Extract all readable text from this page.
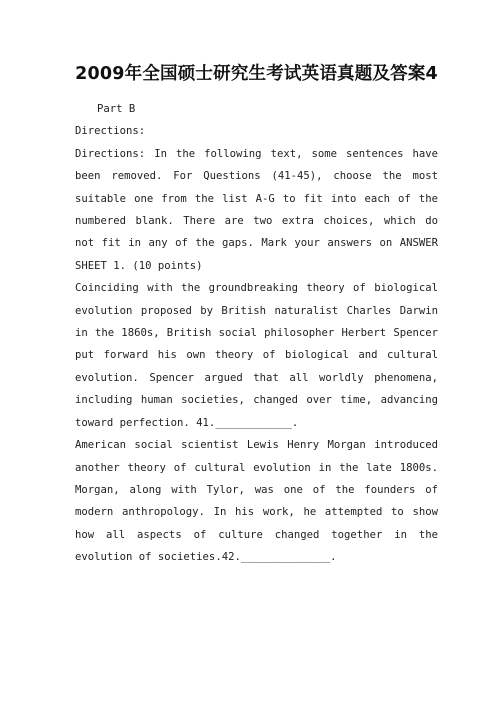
2009年全国硕士研究生考试英语真题及答案4

Part B

Directions:

Directions: In the following text, some sentences have been removed. For Questions (41-45), choose the most suitable one from the list A-G to fit into each of the numbered blank. There are two extra choices, which do not fit in any of the gaps. Mark your answers on ANSWER SHEET 1. (10 points)

Coinciding with the groundbreaking theory of biological evolution proposed by British naturalist Charles Darwin in the 1860s, British social philosopher Herbert Spencer put forward his own theory of biological and cultural evolution. Spencer argued that all worldly phenomena, including human societies, changed over time, advancing toward perfection. 41.____________.

American social scientist Lewis Henry Morgan introduced another theory of cultural evolution in the late 1800s. Morgan, along with Tylor, was one of the founders of modern anthropology. In his work, he attempted to show how all aspects of culture changed together in the evolution of societies.42.______________.
